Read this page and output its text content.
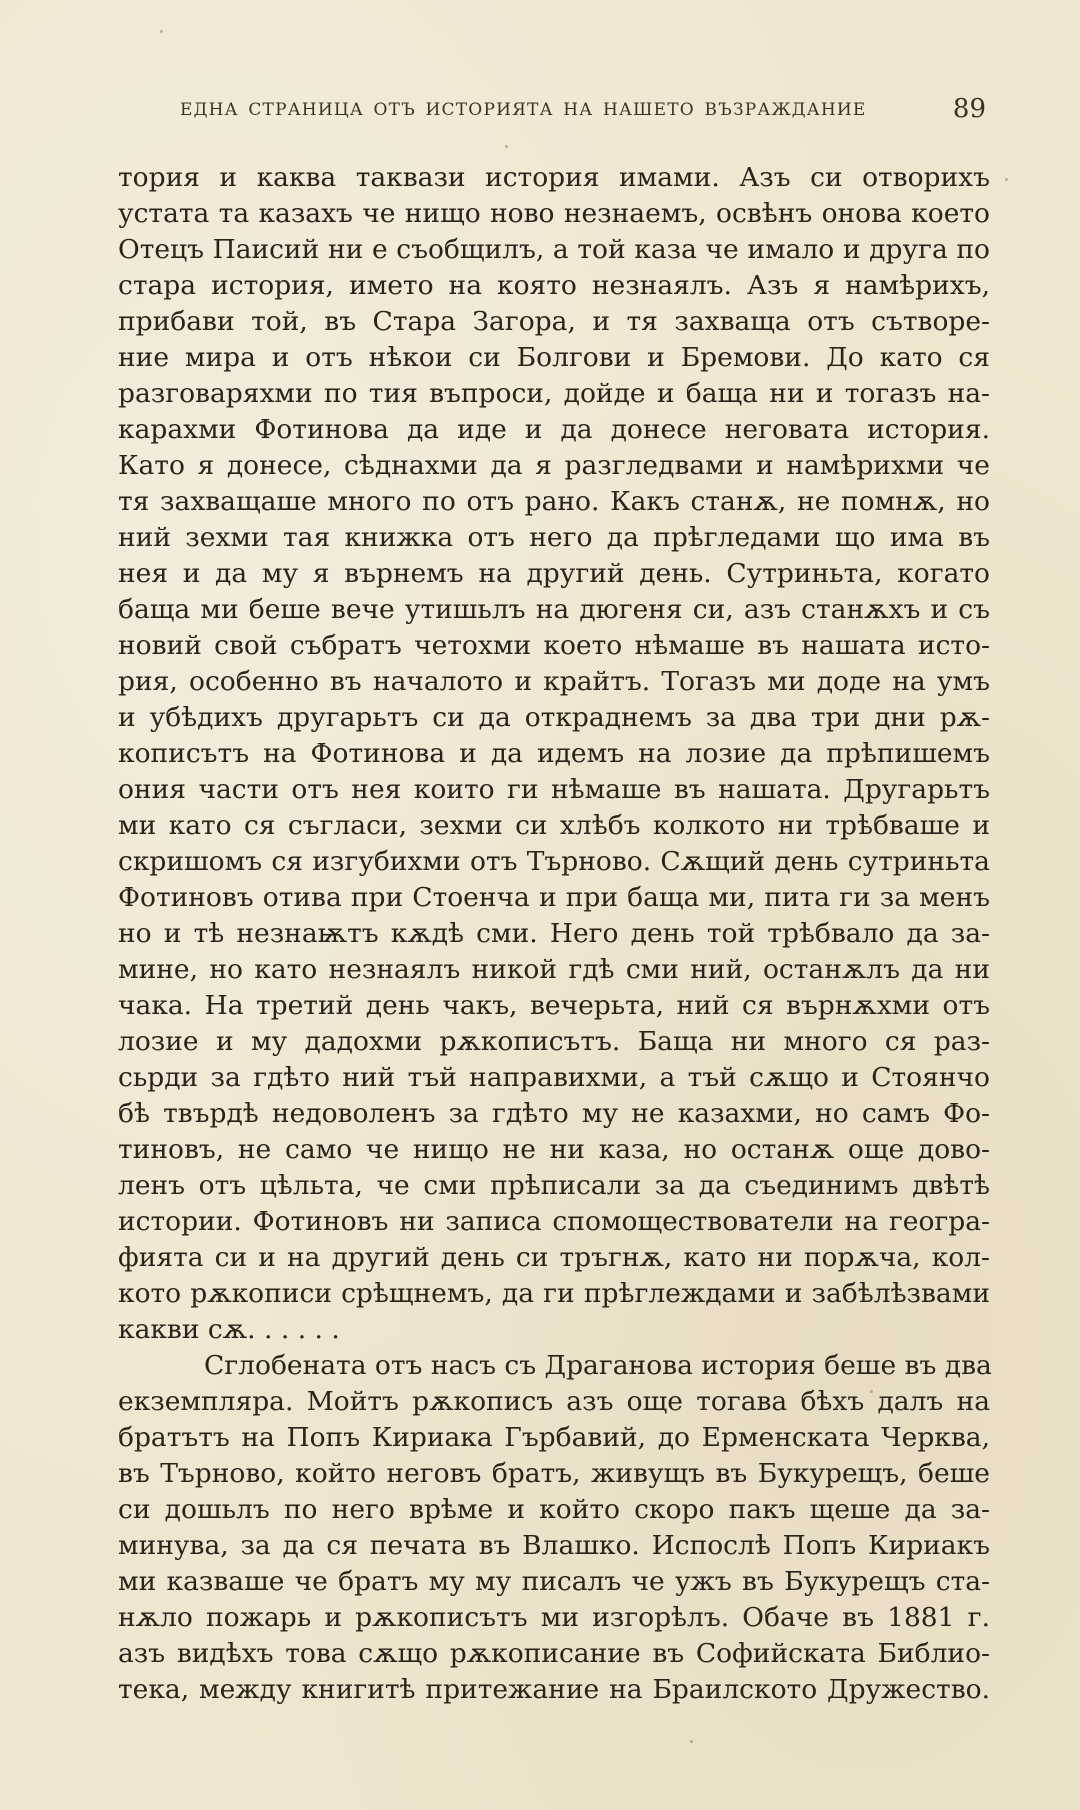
ЕДНА СТРАНИЦА ОТЪ ИСТОРИЯТА НА НАШЕТО ВЪЗРАЖДАНИЕ	89
тория и каква таквази история имами. Азъ си отворихъ
устата та казахъ че нищо ново незнаемъ, освѣнъ онова което
Отецъ Паисий ни е съобщилъ, а той каза че имало и друга по
стара история, името на която незнаялъ. Азъ я намѣрихъ,
прибави той, въ Стара Загора, и тя захваща отъ сътворе-
ние мира и отъ нѣкои си Болгови и Бремови. До като ся
разговаряхми по тия въпроси, дойде и баща ни и тогазъ на-
карахми Фотинова да иде и да донесе неговата история.
Като я донесе, сѣднахми да я разгледвами и намѣрихми че
тя захващаше много по отъ рано. Какъ станѫ, не помнѫ, но
ний зехми тая книжка отъ него да прѣгледами що има въ
нея и да му я върнемъ на другий день. Сутриньта, когато
баща ми беше вече утишьлъ на дюгеня си, азъ станѫхъ и съ
новий свой събратъ четохми което нѣмаше въ нашата исто-
рия, особенно въ началото и крайтъ. Тогазъ ми доде на умъ
и убѣдихъ другарьтъ си да откраднемъ за два три дни рѫ-
кописътъ на Фотинова и да идемъ на лозие да прѣпишемъ
ония части отъ нея които ги нѣмаше въ нашата. Другарьтъ
ми като ся съгласи, зехми си хлѣбъ колкото ни трѣбваше и
скришомъ ся изгубихми отъ Търново. Сѫщий день сутриньта
Фотиновъ отива при Стоенча и при баща ми, пита ги за менъ
но и тѣ незнаѭтъ кѫдѣ сми. Него день той трѣбвало да за-
мине, но като незнаялъ никой гдѣ сми ний, останѫлъ да ни
чака. На третий день чакъ, вечерьта, ний ся върнѫхми отъ
лозие и му дадохми рѫкописътъ. Баща ни много ся раз-
сьрди за гдѣто ний тъй направихми, а тъй сѫщо и Стоянчо
бѣ твърдѣ недоволенъ за гдѣто му не казахми, но самъ Фо-
тиновъ, не само че нищо не ни каза, но останѫ още дово-
ленъ отъ цѣльта, че сми прѣписали за да съединимъ двѣтѣ
истории. Фотиновъ ни записа спомоществователи на геогра-
фията си и на другий день си тръгнѫ, като ни порѫча, кол-
кото рѫкописи срѣщнемъ, да ги прѣглеждами и забѣлѣзвами
какви сѫ. . . . . .
Сглобената отъ насъ съ Драганова история беше въ два
екземпляра. Мойтъ рѫкописъ азъ още тогава бѣхъ далъ на
братътъ на Попъ Кириака Гърбавий, до Ерменската Черква,
въ Търново, който неговъ братъ, живущъ въ Букурещъ, беше
си дошьлъ по него врѣме и който скоро пакъ щеше да за-
минува, за да ся печата въ Влашко. Испослѣ Попъ Кириакъ
ми казваше че братъ му му писалъ че ужъ въ Букурещъ ста-
нѫло пожарь и рѫкописътъ ми изгорѣлъ. Обаче въ 1881 г.
азъ видѣхъ това сѫщо рѫкописание въ Софийската Библио-
тека, между книгитѣ притежание на Браилското Дружество.
